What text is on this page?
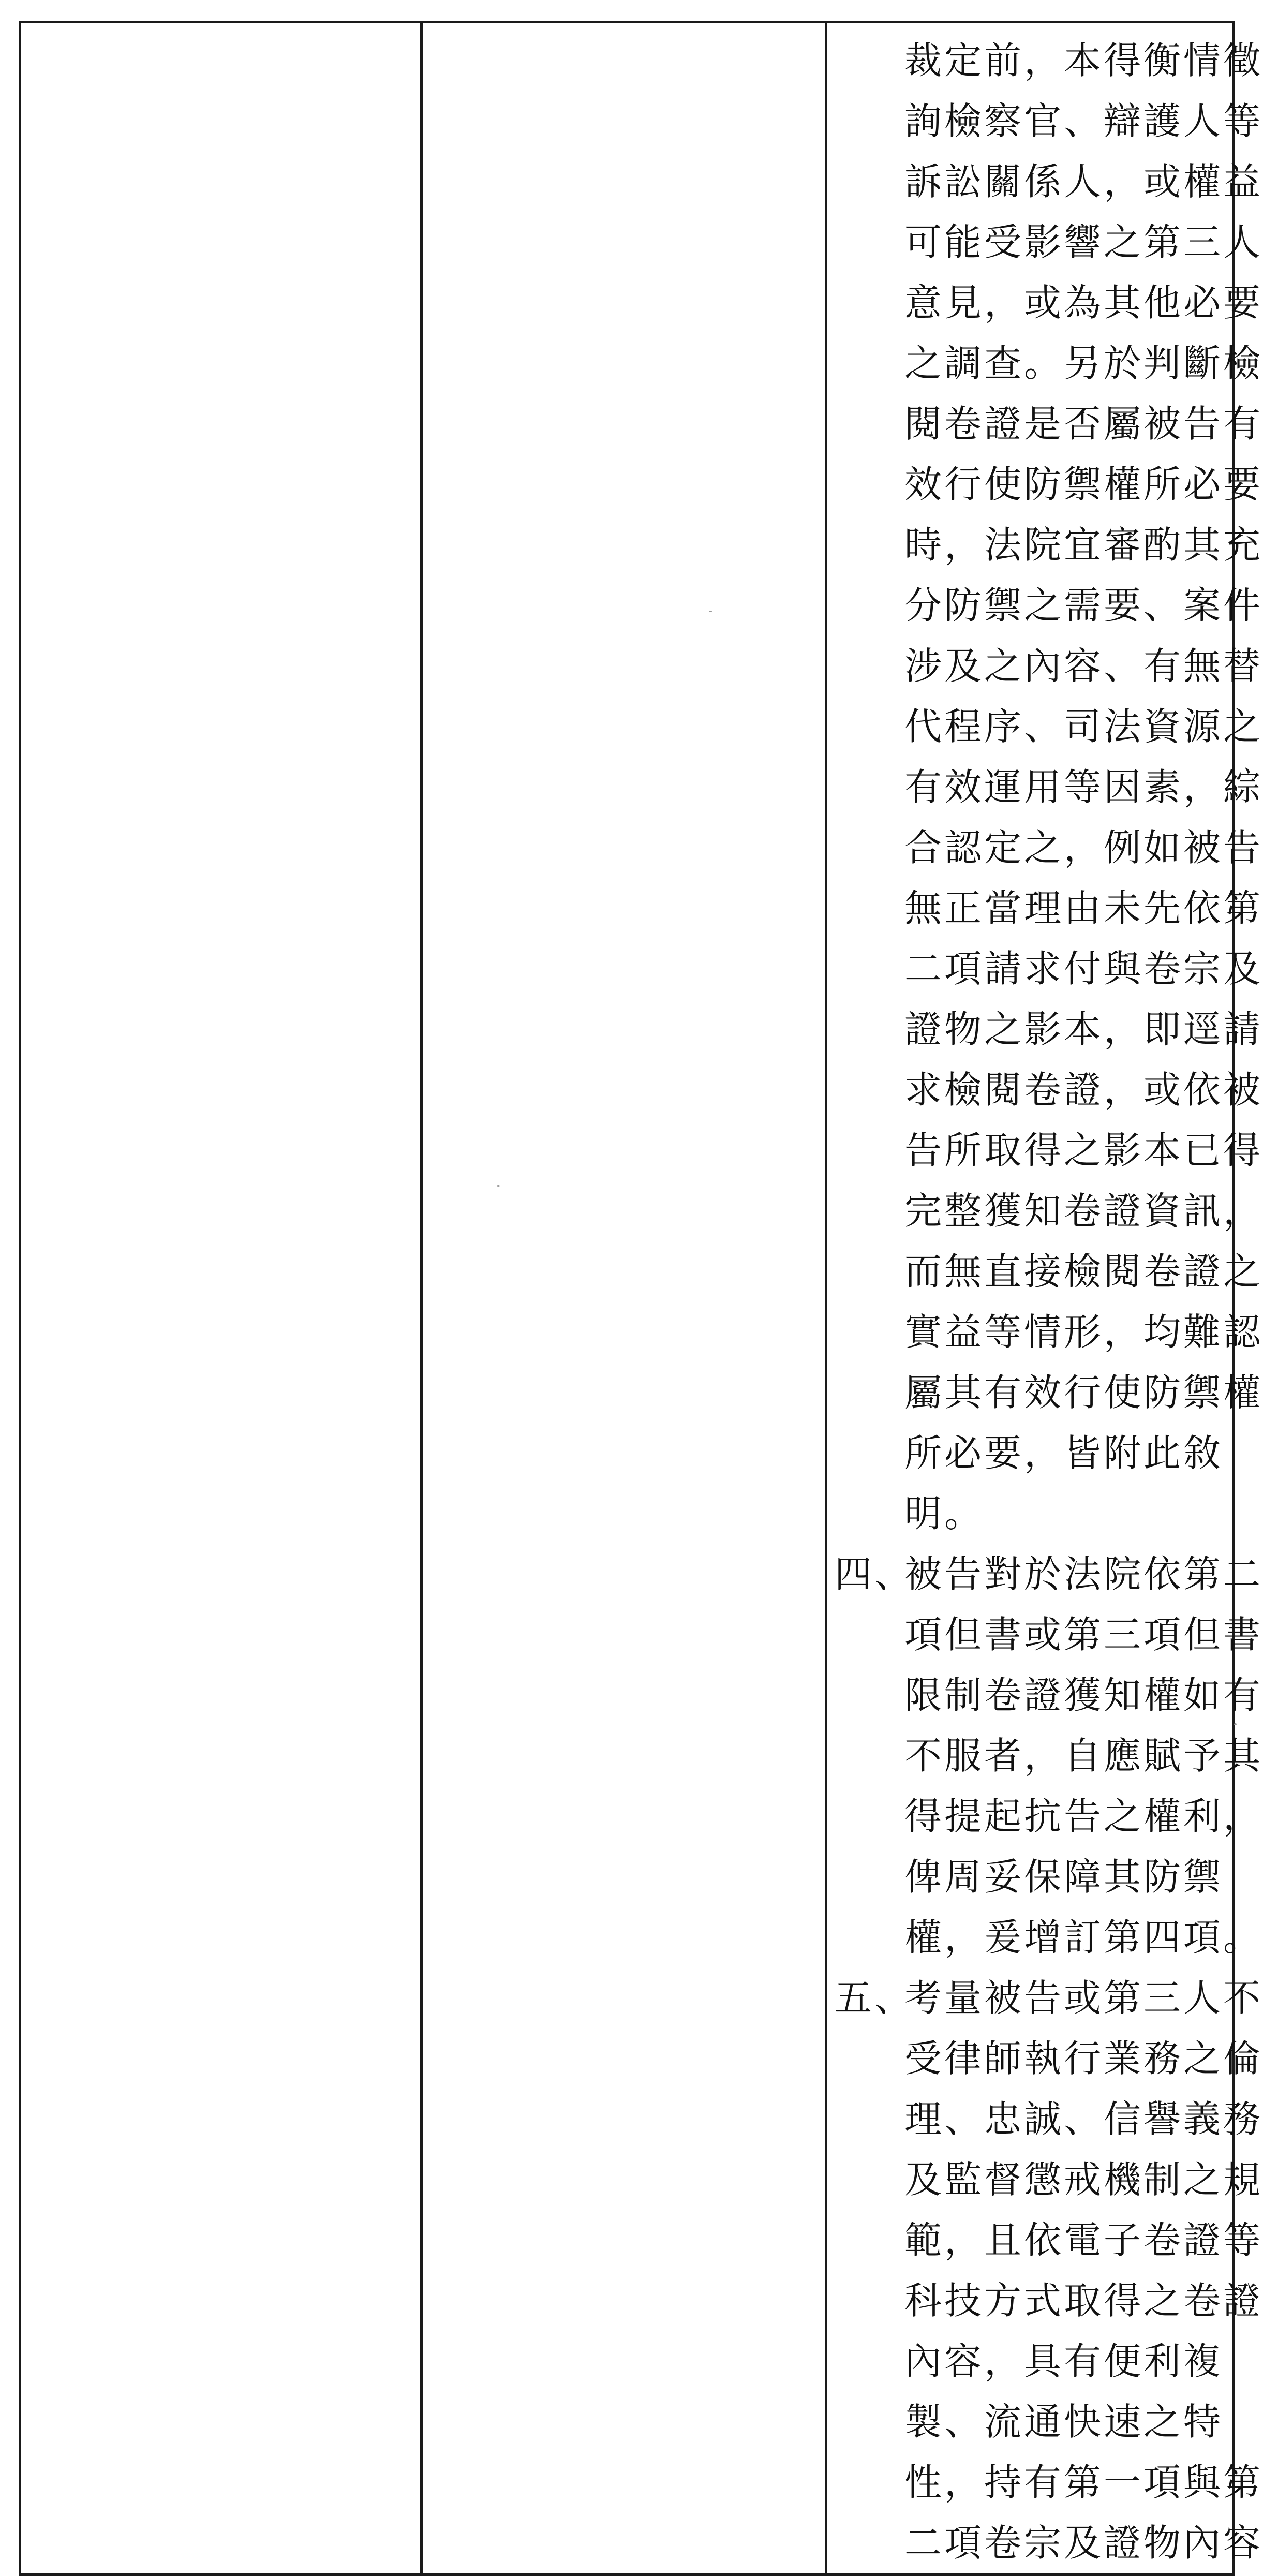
裁定前，本得衡情徵
詢檢察官、辯護人等
訴訟關係人，或權益
可能受影響之第三人
意見，或為其他必要
之調查。另於判斷檢
閱卷證是否屬被告有
效行使防禦權所必要
時，法院宜審酌其充
分防禦之需要、案件
涉及之內容、有無替
代程序、司法資源之
有效運用等因素，綜
合認定之，例如被告
無正當理由未先依第
二項請求付與卷宗及
證物之影本，即逕請
求檢閱卷證，或依被
告所取得之影本已得
完整獲知卷證資訊，
而無直接檢閱卷證之
實益等情形，均難認
屬其有效行使防禦權
所必要，皆附此敘
明。
四、被告對於法院依第二
項但書或第三項但書
限制卷證獲知權如有
不服者，自應賦予其
得提起抗告之權利，
俾周妥保障其防禦
權，爰增訂第四項。
五、考量被告或第三人不
受律師執行業務之倫
理、忠誠、信譽義務
及監督懲戒機制之規
範，且依電子卷證等
科技方式取得之卷證
內容，具有便利複
製、流通快速之特
性，持有第一項與第
二項卷宗及證物內容
